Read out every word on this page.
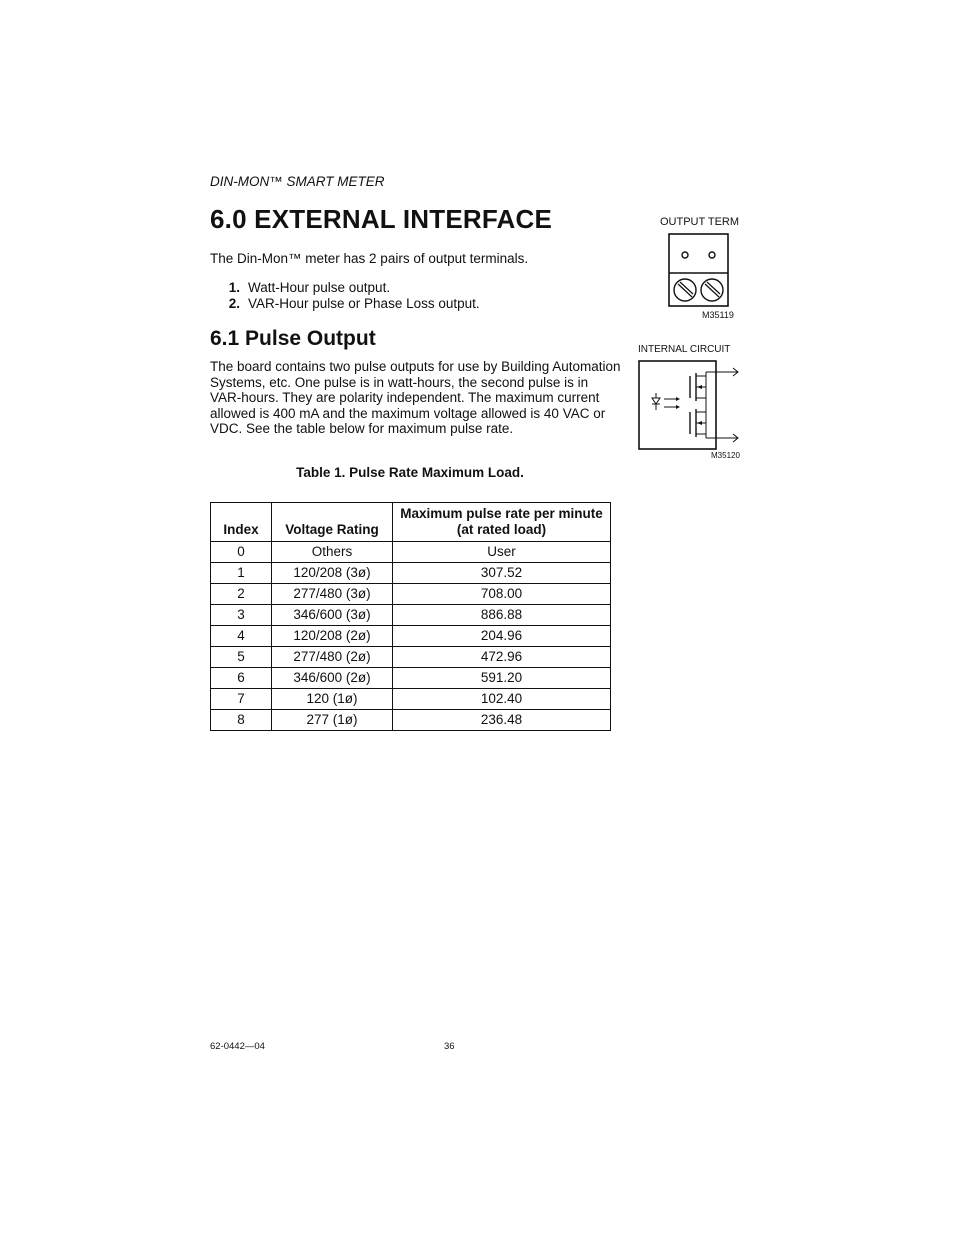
DIN-MON™ SMART METER
6.0 EXTERNAL INTERFACE

The Din-Mon™ meter has 2 pairs of output terminals.

1. Watt-Hour pulse output.
2. VAR-Hour pulse or Phase Loss output.
6.1 Pulse Output

The board contains two pulse outputs for use by Building Automation Systems, etc. One pulse is in watt-hours, the second pulse is in VAR-hours. They are polarity independent. The maximum current allowed is 400 mA and the maximum voltage allowed is 40 VAC or VDC. See the table below for maximum pulse rate.

Table 1. Pulse Rate Maximum Load.

Index	Voltage Rating	Maximum pulse rate per minute (at rated load)
0	Others	User
1	120/208 (3ø)	307.52
2	277/480 (3ø)	708.00
3	346/600 (3ø)	886.88
4	120/208 (2ø)	204.96
5	277/480 (2ø)	472.96
6	346/600 (2ø)	591.20
7	120 (1ø)	102.40
8	277 (1ø)	236.48
OUTPUT TERM
M35119
INTERNAL CIRCUIT
M35120
62-0442—04	36
